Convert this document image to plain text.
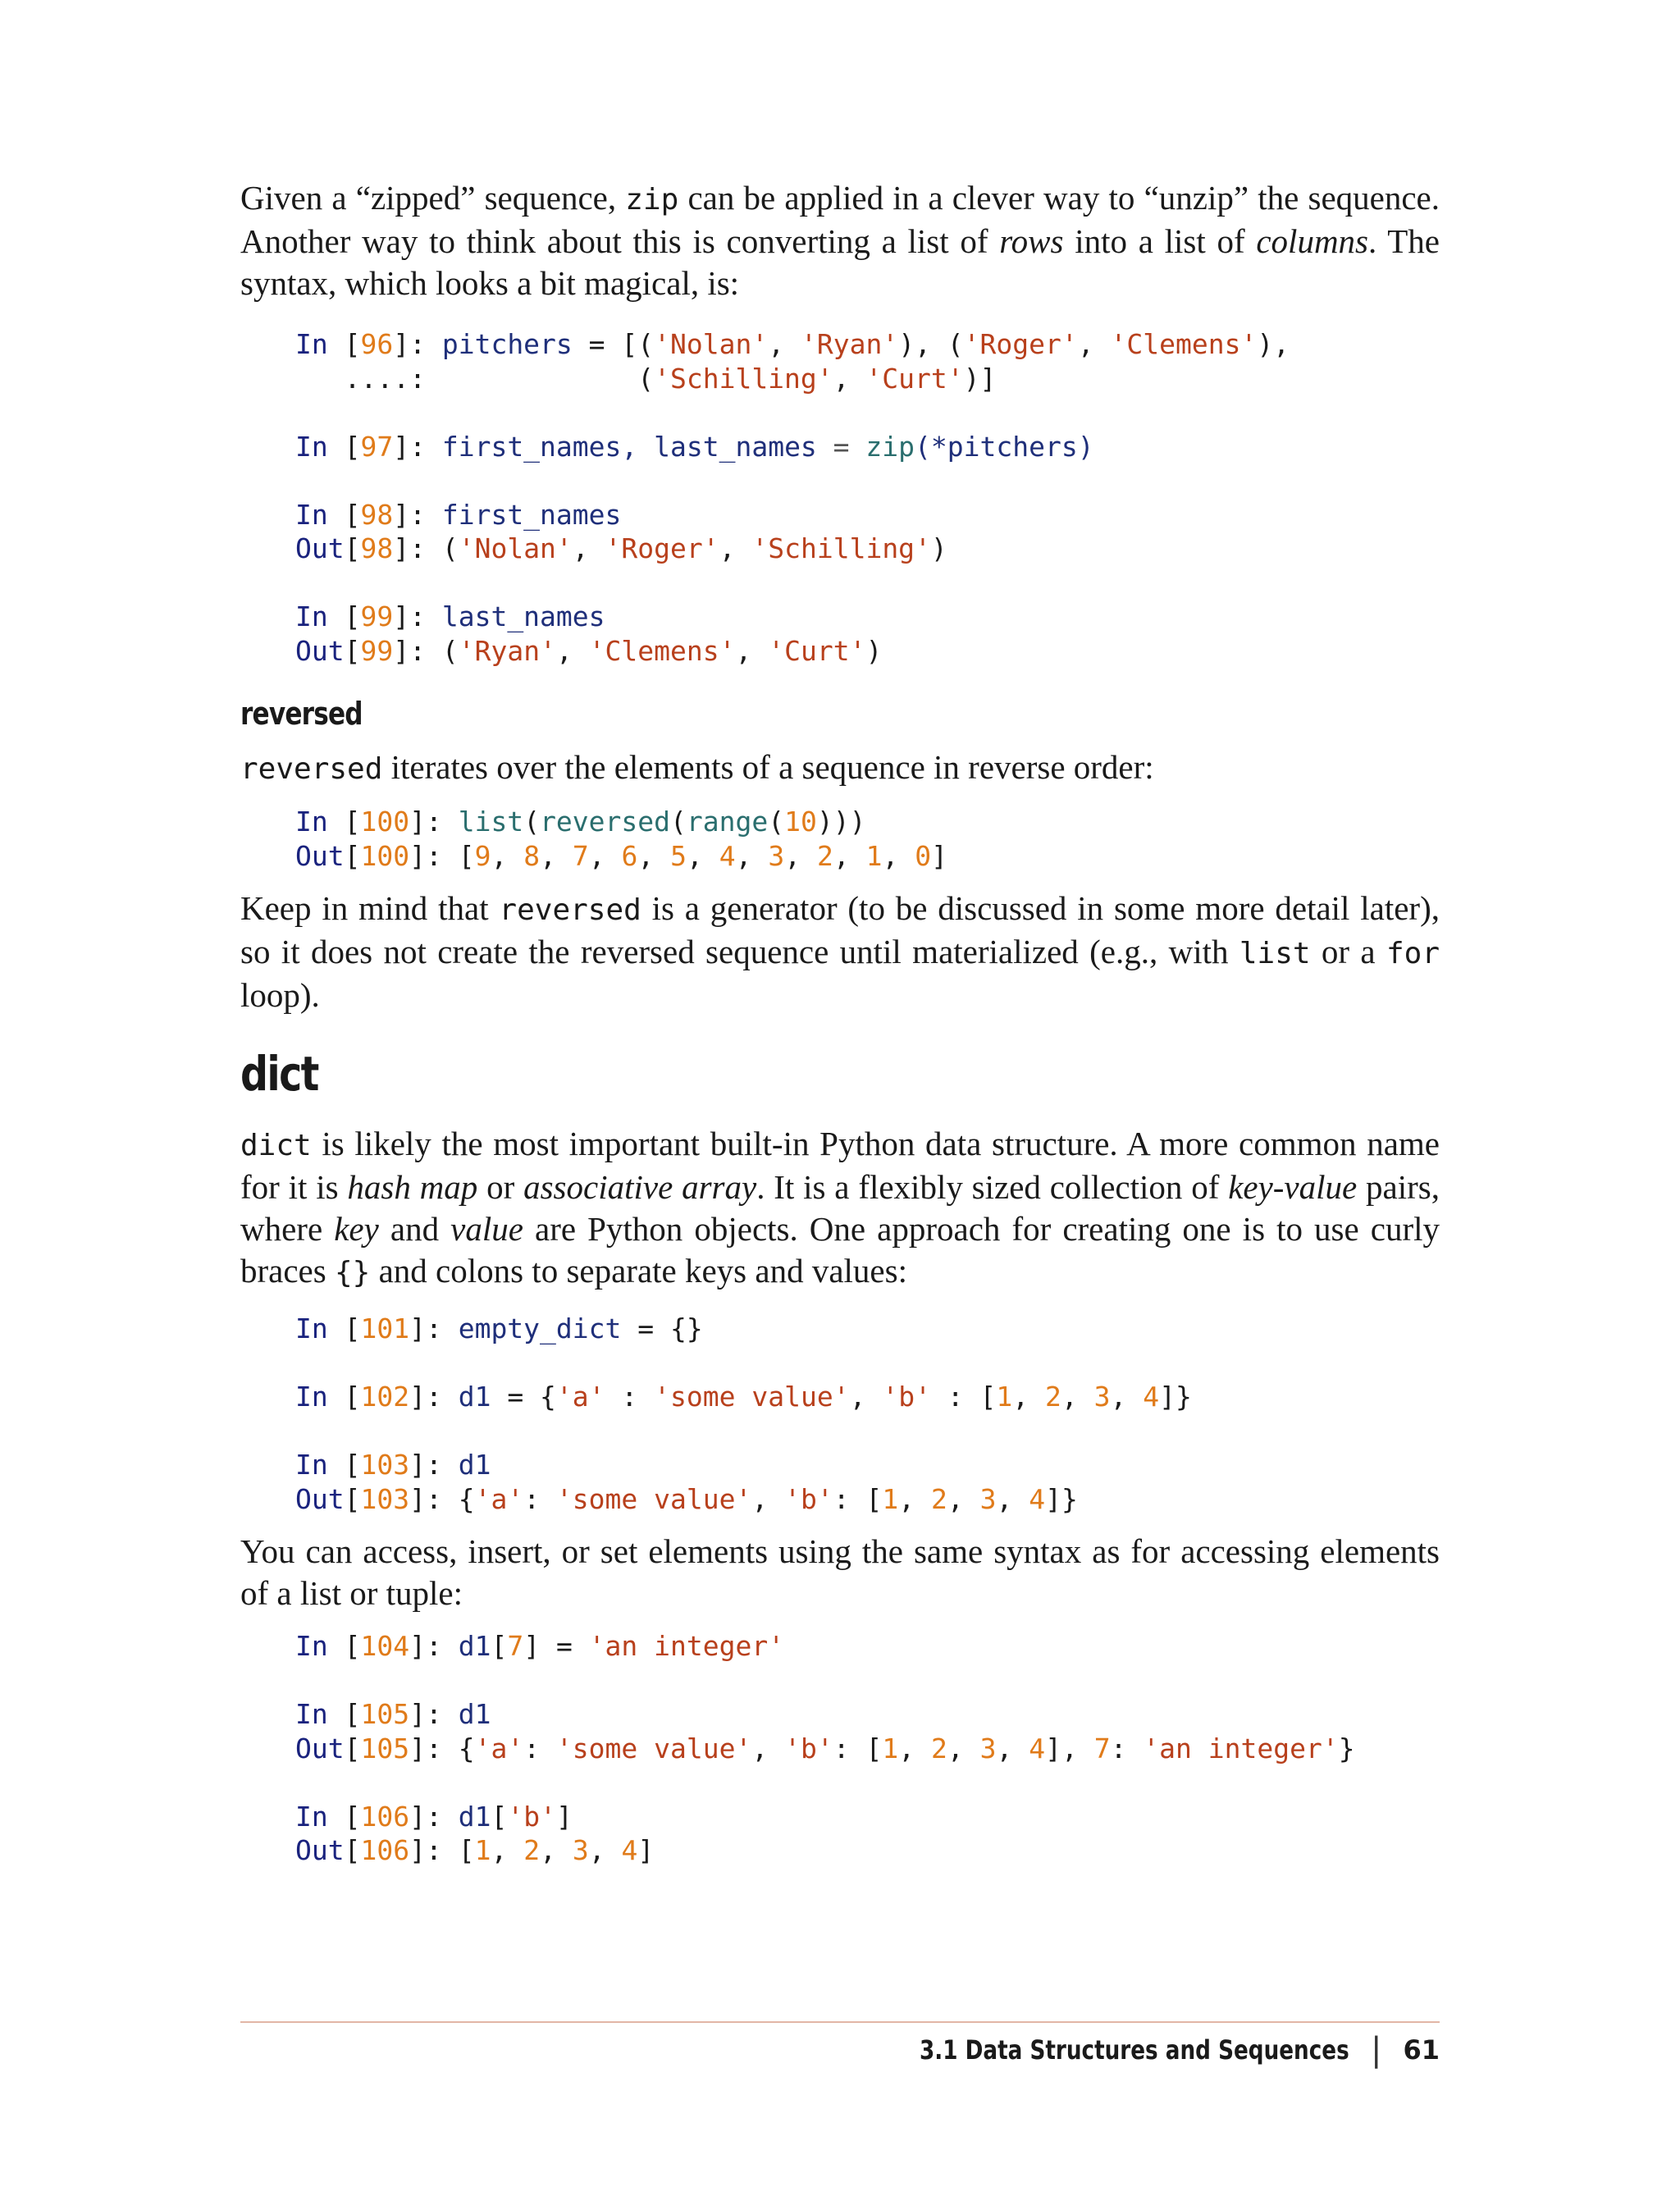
Given a “zipped” sequence, zip can be applied in a clever way to “unzip” the sequence. Another way to think about this is converting a list of rows into a list of columns. The syntax, which looks a bit magical, is:

In [96]: pitchers = [('Nolan', 'Ryan'), ('Roger', 'Clemens'),
....:             ('Schilling', 'Curt')]

In [97]: first_names, last_names = zip(*pitchers)

In [98]: first_names
Out[98]: ('Nolan', 'Roger', 'Schilling')

In [99]: last_names
Out[99]: ('Ryan', 'Clemens', 'Curt')
reversed

reversed iterates over the elements of a sequence in reverse order:

In [100]: list(reversed(range(10)))
Out[100]: [9, 8, 7, 6, 5, 4, 3, 2, 1, 0]

Keep in mind that reversed is a generator (to be discussed in some more detail later), so it does not create the reversed sequence until materialized (e.g., with list or a for loop).

dict

dict is likely the most important built-in Python data structure. A more common name for it is hash map or associative array. It is a flexibly sized collection of key-value pairs, where key and value are Python objects. One approach for creating one is to use curly braces {} and colons to separate keys and values:

In [101]: empty_dict = {}

In [102]: d1 = {'a' : 'some value', 'b' : [1, 2, 3, 4]}

In [103]: d1
Out[103]: {'a': 'some value', 'b': [1, 2, 3, 4]}

You can access, insert, or set elements using the same syntax as for accessing elements of a list or tuple:

In [104]: d1[7] = 'an integer'

In [105]: d1
Out[105]: {'a': 'some value', 'b': [1, 2, 3, 4], 7: 'an integer'}

In [106]: d1['b']
Out[106]: [1, 2, 3, 4]
3.1 Data Structures and Sequences | 61
